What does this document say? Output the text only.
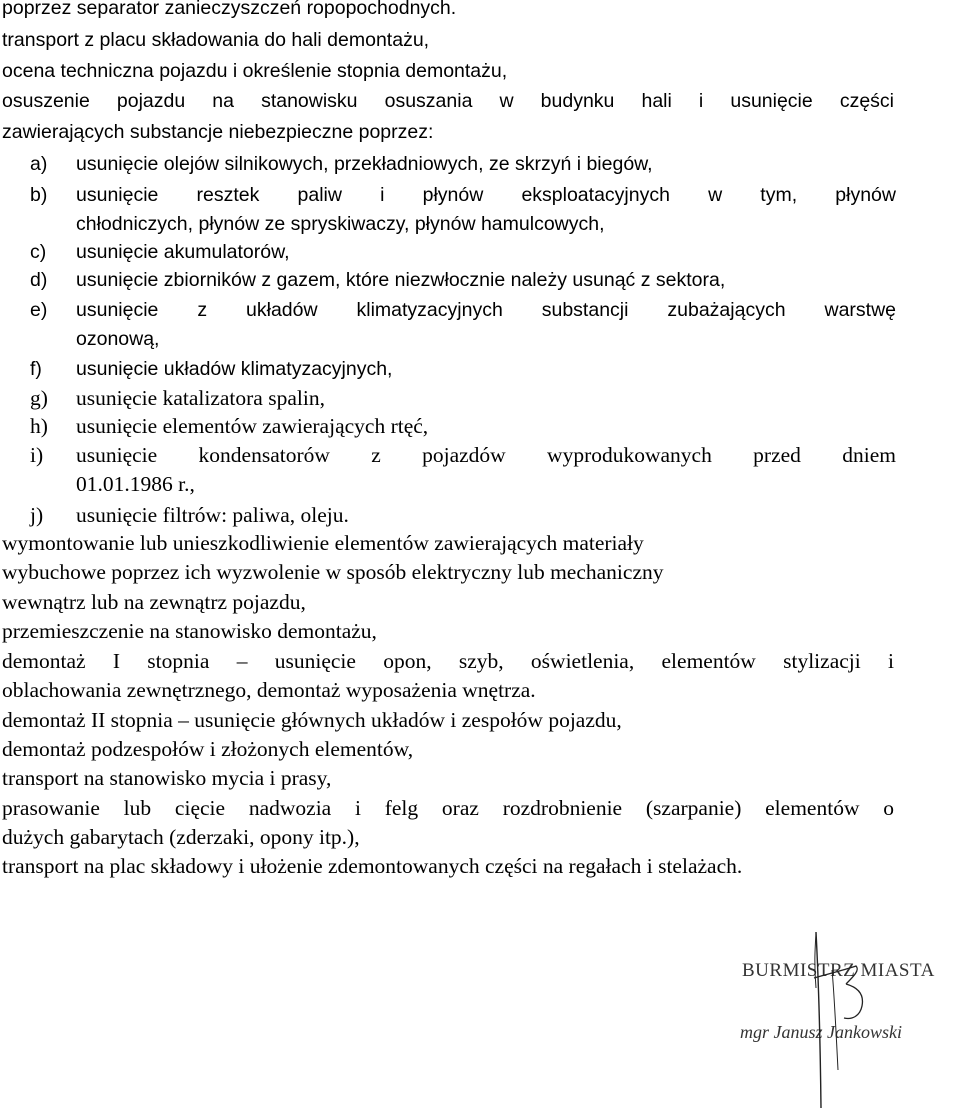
poprzez separator zanieczyszczeń ropopochodnych.
transport z placu składowania do hali demontażu,
ocena techniczna pojazdu i określenie stopnia demontażu,
osuszenie pojazdu na stanowisku osuszania w budynku hali i usunięcie części
zawierających substancje niebezpieczne poprzez:
a) usunięcie olejów silnikowych, przekładniowych, ze skrzyń i biegów,
b) usunięcie resztek paliw i płynów eksploatacyjnych w tym, płynów
chłodniczych, płynów ze spryskiwaczy, płynów hamulcowych,
c) usunięcie akumulatorów,
d) usunięcie zbiorników z gazem, które niezwłocznie należy usunąć z sektora,
e) usunięcie z układów klimatyzacyjnych substancji zubażających warstwę
ozonową,
f) usunięcie układów klimatyzacyjnych,
g) usunięcie katalizatora spalin,
h) usunięcie elementów zawierających rtęć,
i) usunięcie kondensatorów z pojazdów wyprodukowanych przed dniem
01.01.1986 r.,
j) usunięcie filtrów: paliwa, oleju.
wymontowanie lub unieszkodliwienie elementów zawierających materiały
wybuchowe poprzez ich wyzwolenie w sposób elektryczny lub mechaniczny
wewnątrz lub na zewnątrz pojazdu,
przemieszczenie na stanowisko demontażu,
demontaż I stopnia – usunięcie opon, szyb, oświetlenia, elementów stylizacji i
oblachowania zewnętrznego, demontaż wyposażenia wnętrza.
demontaż II stopnia – usunięcie głównych układów i zespołów pojazdu,
demontaż podzespołów i złożonych elementów,
transport na stanowisko mycia i prasy,
prasowanie lub cięcie nadwozia i felg oraz rozdrobnienie (szarpanie) elementów o
dużych gabarytach (zderzaki, opony itp.),
transport na plac składowy i ułożenie zdemontowanych części na regałach i stelażach.
BURMISTRZ MIASTA
mgr Janusz Jankowski
